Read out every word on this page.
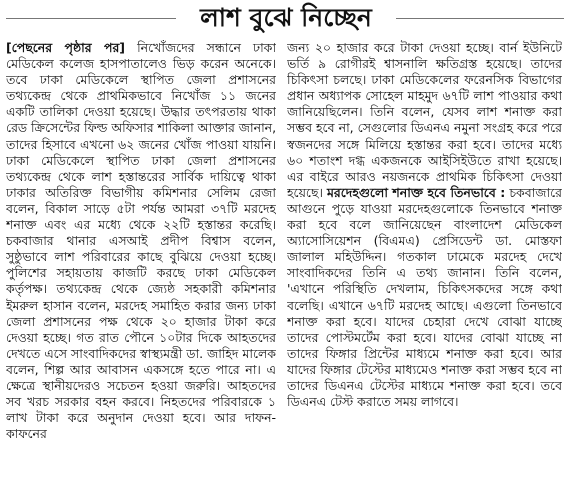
লাশ বুঝে নিচ্ছেন

[পেছনের পৃষ্ঠার পর] নিখোঁজদের সন্ধানে ঢাকা মেডিকেল কলেজ হাসপাতালেও ভিড় করেন অনেকে। তবে ঢাকা মেডিকেলে স্থাপিত জেলা প্রশাসনের তথ্যকেন্দ্র থেকে প্রাথমিকভাবে নিখোঁজ ১১ জনের একটি তালিকা দেওয়া হয়েছে। উদ্ধার তৎপরতায় থাকা রেড ক্রিসেন্টের ফিল্ড অফিসার শাকিলা আক্তার জানান, তাদের হিসাবে এখনো ৬২ জনের খোঁজ পাওয়া যায়নি। ঢাকা মেডিকেলে স্থাপিত ঢাকা জেলা প্রশাসনের তথ্যকেন্দ্র থেকে লাশ হস্তান্তরের সার্বিক দায়িত্বে থাকা ঢাকার অতিরিক্ত বিভাগীয় কমিশনার সেলিম রেজা বলেন, বিকাল সাড়ে ৫টা পর্যন্ত আমরা ৩৭টি মরদেহ শনাক্ত এবং এর মধ্যে থেকে ২২টি হস্তান্তর করেছি। চকবাজার থানার এসআই প্রদীপ বিশ্বাস বলেন, সুষ্ঠুভাবে লাশ পরিবারের কাছে বুঝিয়ে দেওয়া হচ্ছে। পুলিশের সহায়তায় কাজটি করছে ঢাকা মেডিকেল কর্তৃপক্ষ। তথ্যকেন্দ্র থেকে জ্যেষ্ঠ সহকারী কমিশনার ইমরুল হাসান বলেন, মরদেহ সমাহিত করার জন্য ঢাকা জেলা প্রশাসনের পক্ষ থেকে ২০ হাজার টাকা করে দেওয়া হচ্ছে। গত রাত পৌনে ১০টার দিকে আহতদের দেখতে এসে সাংবাদিকদের স্বাস্থ্যমন্ত্রী ডা. জাহিদ মালেক বলেন, শিল্প আর আবাসন একসঙ্গে হতে পারে না। এ ক্ষেত্রে স্থানীয়দেরও সচেতন হওয়া জরুরি। আহতদের সব খরচ সরকার বহন করবে। নিহতদের পরিবারকে ১ লাখ টাকা করে অনুদান দেওয়া হবে। আর দাফন-কাফনের

জন্য ২০ হাজার করে টাকা দেওয়া হচ্ছে। বার্ন ইউনিটে ভর্তি ৯ রোগীরই শ্বাসনালি ক্ষতিগ্রস্ত হয়েছে। তাদের চিকিৎসা চলছে। ঢাকা মেডিকেলের ফরেনসিক বিভাগের প্রধান অধ্যাপক সোহেল মাহমুদ ৬৭টি লাশ পাওয়ার কথা জানিয়েছিলেন। তিনি বলেন, যেসব লাশ শনাক্ত করা সম্ভব হবে না, সেগুলোর ডিএনএ নমুনা সংগ্রহ করে পরে স্বজনদের সঙ্গে মিলিয়ে হস্তান্তর করা হবে। তাদের মধ্যে ৬০ শতাংশ দগ্ধ একজনকে আইসিইউতে রাখা হয়েছে। এর বাইরে আরও নয়জনকে প্রাথমিক চিকিৎসা দেওয়া হয়েছে। মরদেহগুলো শনাক্ত হবে তিনভাবে : চকবাজারে আগুনে পুড়ে যাওয়া মরদেহগুলোকে তিনভাবে শনাক্ত করা হবে বলে জানিয়েছেন বাংলাদেশ মেডিকেল অ্যাসোসিয়েশন (বিএমএ) প্রেসিডেন্ট ডা. মোস্তফা জালাল মহিউদ্দিন। গতকাল ঢামেকে মরদেহ দেখে সাংবাদিকদের তিনি এ তথ্য জানান। তিনি বলেন, 'এখানে পরিস্থিতি দেখলাম, চিকিৎসকদের সঙ্গে কথা বলেছি। এখানে ৬৭টি মরদেহ আছে। এগুলো তিনভাবে শনাক্ত করা হবে। যাদের চেহারা দেখে বোঝা যাচ্ছে তাদের পোস্টমর্টেম করা হবে। যাদের বোঝা যাচ্ছে না তাদের ফিঙ্গার প্রিন্টের মাধ্যমে শনাক্ত করা হবে। আর যাদের ফিঙ্গার টেস্টের মাধ্যমেও শনাক্ত করা সম্ভব হবে না তাদের ডিএনএ টেস্টের মাধ্যমে শনাক্ত করা হবে। তবে ডিএনএ টেস্ট করাতে সময় লাগবে।
